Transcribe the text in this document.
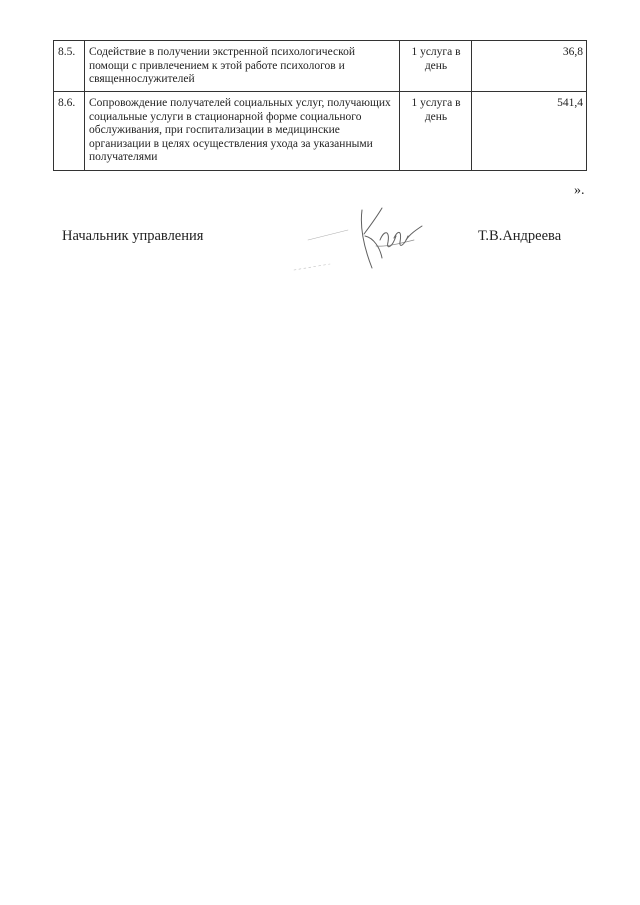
8.5.	Содействие в получении экстренной психологической помощи с привлечением к этой работе психологов и священнослужителей	1 услуга в день	36,8
8.6.	Сопровождение получателей социальных услуг, получающих социальные услуги в стационарной форме социального обслуживания, при госпитализации в медицинские организации в целях осуществления ухода за указанными получателями	1 услуга в день	541,4
».
Начальник управления	Т.В.Андреева
